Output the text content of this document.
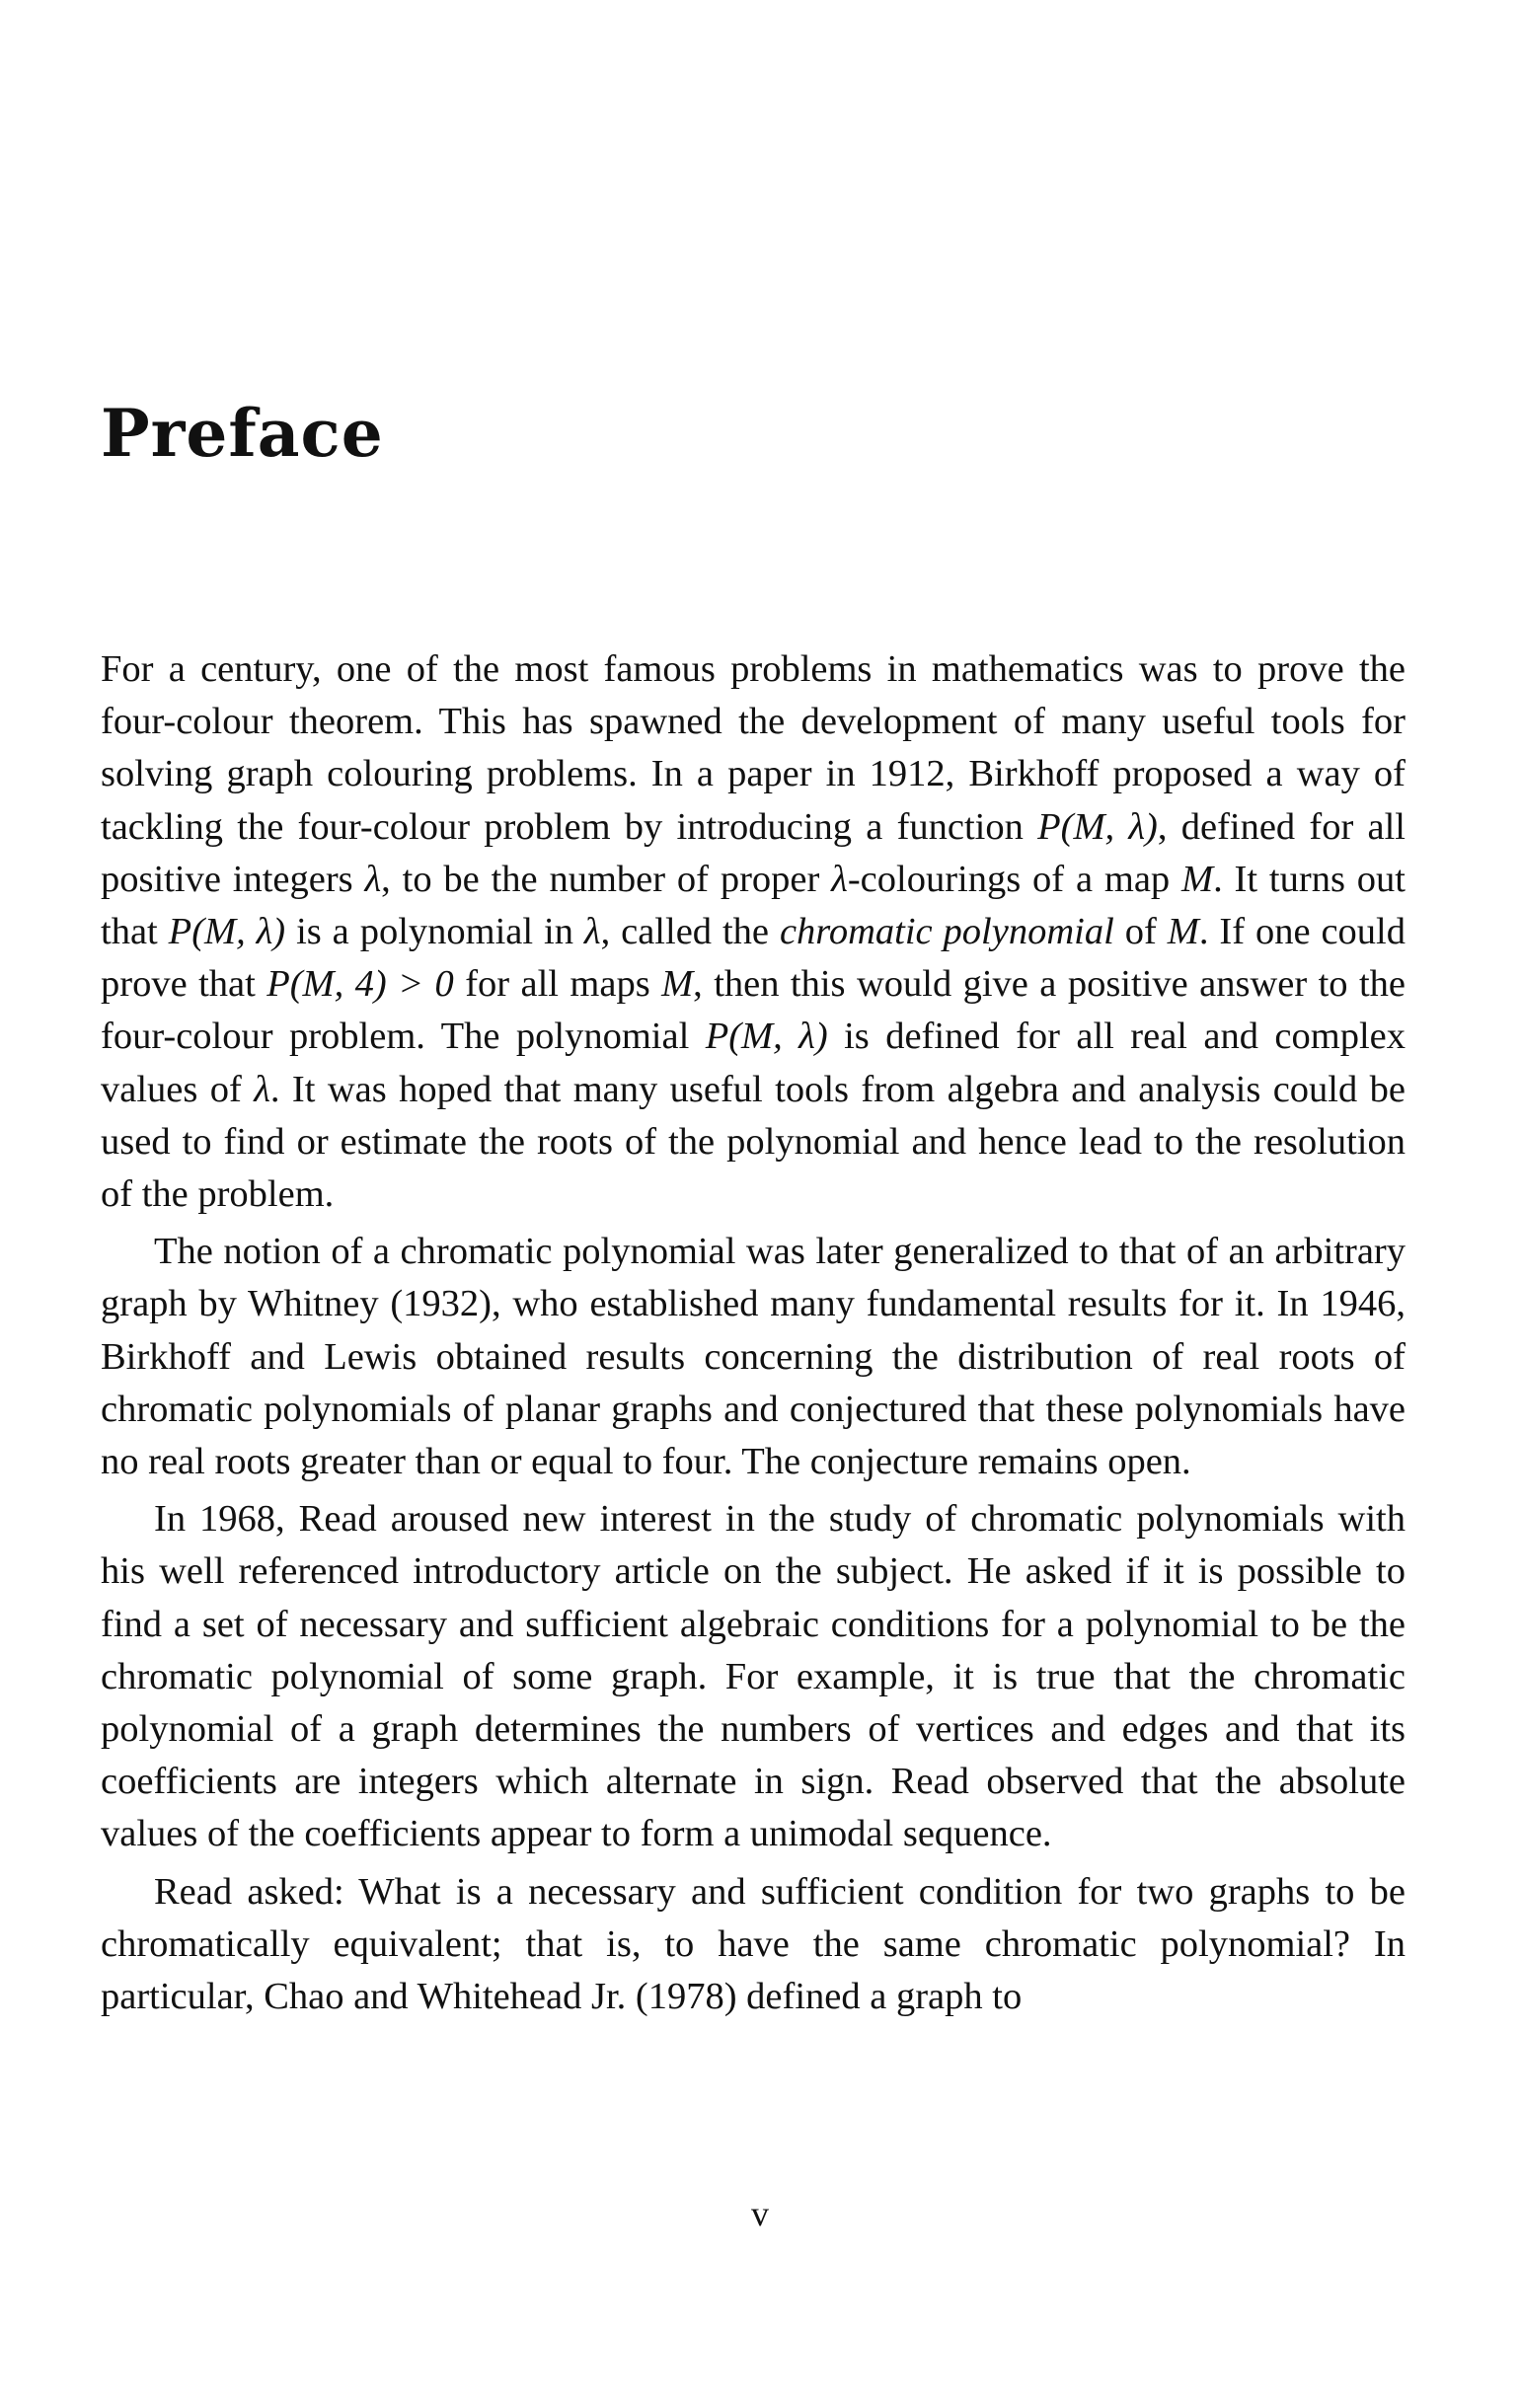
Preface

For a century, one of the most famous problems in mathematics was to prove the four-colour theorem. This has spawned the development of many useful tools for solving graph colouring problems. In a paper in 1912, Birkhoff proposed a way of tackling the four-colour problem by introducing a function P(M, λ), defined for all positive integers λ, to be the number of proper λ-colourings of a map M. It turns out that P(M, λ) is a polynomial in λ, called the chromatic polynomial of M. If one could prove that P(M, 4) > 0 for all maps M, then this would give a positive answer to the four-colour problem. The polynomial P(M, λ) is defined for all real and complex values of λ. It was hoped that many useful tools from algebra and analysis could be used to find or estimate the roots of the polynomial and hence lead to the resolution of the problem.

The notion of a chromatic polynomial was later generalized to that of an arbitrary graph by Whitney (1932), who established many fundamental results for it. In 1946, Birkhoff and Lewis obtained results concerning the distribution of real roots of chromatic polynomials of planar graphs and conjectured that these polynomials have no real roots greater than or equal to four. The conjecture remains open.

In 1968, Read aroused new interest in the study of chromatic polynomials with his well referenced introductory article on the subject. He asked if it is possible to find a set of necessary and sufficient algebraic conditions for a polynomial to be the chromatic polynomial of some graph. For example, it is true that the chromatic polynomial of a graph determines the numbers of vertices and edges and that its coefficients are integers which alternate in sign. Read observed that the absolute values of the coefficients appear to form a unimodal sequence.

Read asked: What is a necessary and sufficient condition for two graphs to be chromatically equivalent; that is, to have the same chromatic polynomial? In particular, Chao and Whitehead Jr. (1978) defined a graph to

v
